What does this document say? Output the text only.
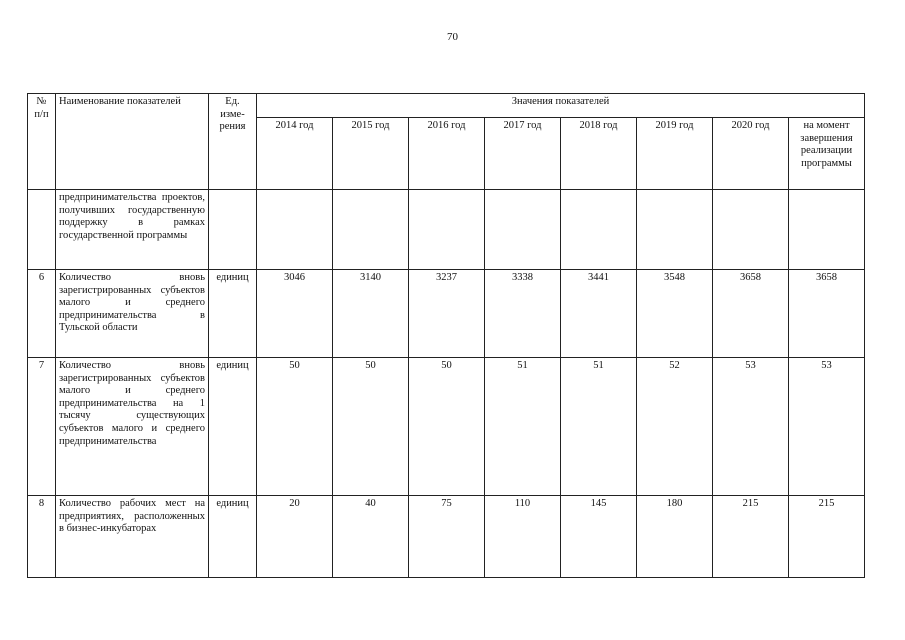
70
№ п/п	Наименование показателей	Ед. изме-рения	Значения показателей							
			2014 год	2015 год	2016 год	2017 год	2018 год	2019 год	2020 год	на момент завершения реализации программы
	предпринимательства проектов, получивших государственную поддержку в рамках государственной программы									
6	Количество вновь зарегистрированных субъектов малого и среднего предпринимательства в Тульской области	единиц	3046	3140	3237	3338	3441	3548	3658	3658
7	Количество вновь зарегистрированных субъектов малого и среднего предпринимательства на 1 тысячу существующих субъектов малого и среднего предпринимательства	единиц	50	50	50	51	51	52	53	53
8	Количество рабочих мест на предприятиях, расположенных в бизнес-инкубаторах	единиц	20	40	75	110	145	180	215	215
